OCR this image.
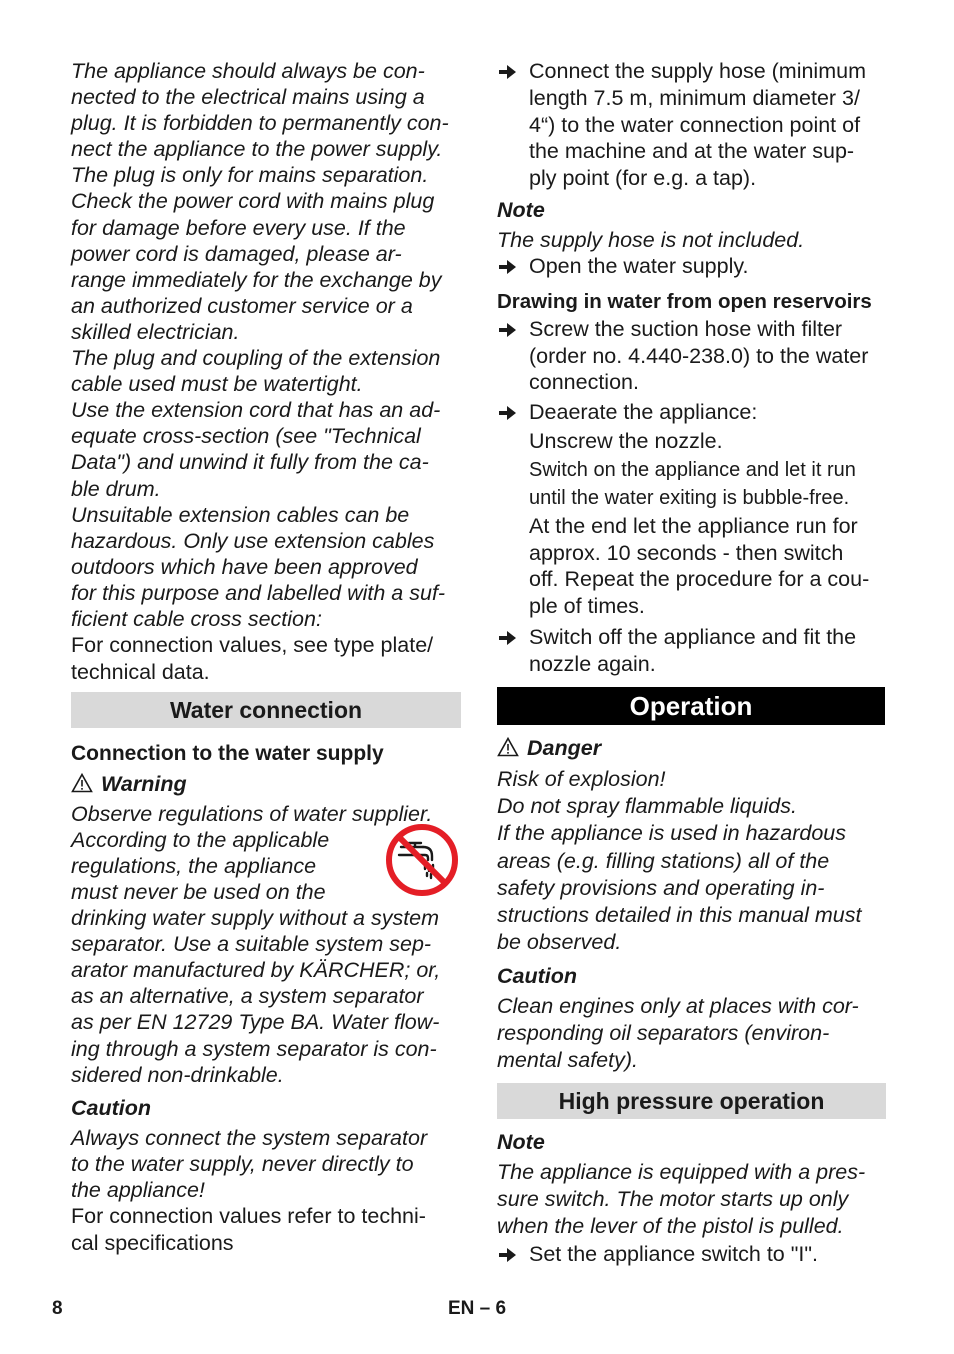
The appliance should always be con-

nected to the electrical mains using a

plug. It is forbidden to permanently con-

nect the appliance to the power supply.

The plug is only for mains separation.

Check the power cord with mains plug

for damage before every use. If the

power cord is damaged, please ar-

range immediately for the exchange by

an authorized customer service or a

skilled electrician.

The plug and coupling of the extension

cable used must be watertight.

Use the extension cord that has an ad-

equate cross-section (see "Technical

Data") and unwind it fully from the ca-

ble drum.

Unsuitable extension cables can be

hazardous. Only use extension cables

outdoors which have been approved

for this purpose and labelled with a suf-

ficient cable cross section:

For connection values, see type plate/

technical data.

Water connection

Connection to the water supply

Warning

Observe regulations of water supplier.

According to the applicable

regulations, the appliance

must never be used on the

drinking water supply without a system

separator. Use a suitable system sep-

arator manufactured by KÄRCHER; or,

as an alternative, a system separator

as per EN 12729 Type BA. Water flow-

ing through a system separator is con-

sidered non-drinkable.

Caution

Always connect the system separator

to the water supply, never directly to

the appliance!

For connection values refer to techni-

cal specifications

Connect the supply hose (minimum

length 7.5 m, minimum diameter 3/

4“) to the water connection point of

the machine and at the water sup-

ply point (for e.g. a tap).

Note

The supply hose is not included.

Open the water supply.

Drawing in water from open reservoirs

Screw the suction hose with filter

(order no. 4.440-238.0) to the water

connection.

Deaerate the appliance:

Unscrew the nozzle.

Switch on the appliance and let it run

until the water exiting is bubble-free.

At the end let the appliance run for

approx. 10 seconds - then switch

off. Repeat the procedure for a cou-

ple of times.

Switch off the appliance and fit the

nozzle again.

Operation

Danger

Risk of explosion!

Do not spray flammable liquids.

If the appliance is used in hazardous

areas (e.g. filling stations) all of the

safety provisions and operating in-

structions detailed in this manual must

be observed.

Caution

Clean engines only at places with cor-

responding oil separators (environ-

mental safety).

High pressure operation

Note

The appliance is equipped with a pres-

sure switch. The motor starts up only

when the lever of the pistol is pulled.

Set the appliance switch to "I".

8	EN – 6
